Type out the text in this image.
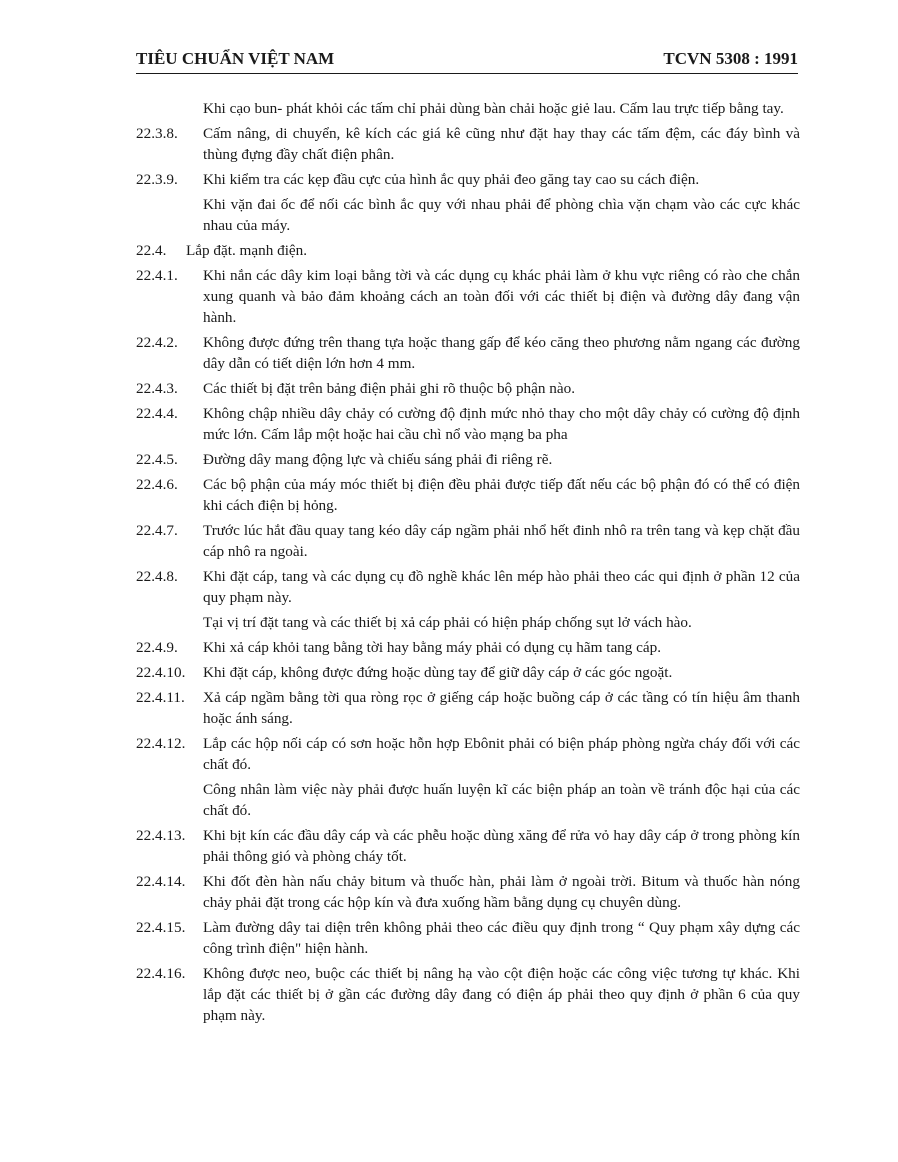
TIÊU CHUẨN VIỆT NAM	TCVN 5308 : 1991
Khi cạo bun- phát khỏi các tấm chỉ phải dùng bàn chải hoặc giẻ lau. Cấm lau trực tiếp bằng tay.
22.3.8.	Cấm nâng, di chuyển, kê kích các giá kê cũng như đặt hay thay các tấm đệm, các đáy bình và thùng đựng đầy chất điện phân.
22.3.9.	Khi kiểm tra các kẹp đầu cực của hình ắc quy phải đeo găng tay cao su cách điện.
Khi vặn đai ốc để nối các bình ắc quy với nhau phải để phòng chìa vặn chạm vào các cực khác nhau của máy.
22.4.	Lắp đặt. mạnh điện.
22.4.1.	Khi nắn các dây kim loại bằng tời và các dụng cụ khác phải làm ở khu vực riêng có rào che chắn xung quanh và bảo đảm khoảng cách an toàn đối với các thiết bị điện và đường dây đang vận hành.
22.4.2.	Không được đứng trên thang tựa hoặc thang gấp để kéo căng theo phương nằm ngang các đường dây dẫn có tiết diện lớn hơn 4 mm.
22.4.3.	Các thiết bị đặt trên bảng điện phải ghi rõ thuộc bộ phận nào.
22.4.4.	Không chập nhiều dây chảy có cường độ định mức nhỏ thay cho một dây chảy có cường độ định mức lớn. Cấm lắp một hoặc hai cầu chì nổ vào mạng ba pha
22.4.5.	Đường dây mang động lực và chiếu sáng phải đi riêng rẽ.
22.4.6.	Các bộ phận của máy móc thiết bị điện đều phải được tiếp đất nếu các bộ phận đó có thể có điện khi cách điện bị hỏng.
22.4.7.	Trước lúc hắt đầu quay tang kéo dây cáp ngầm phải nhổ hết đinh nhô ra trên tang và kẹp chặt đầu cáp nhô ra ngoài.
22.4.8.	Khi đặt cáp, tang và các dụng cụ đồ nghề khác lên mép hào phải theo các qui định ở phần 12 của quy phạm này.
Tại vị trí đặt tang và các thiết bị xả cáp phải có hiện pháp chống sụt lở vách hào.
22.4.9.	Khi xả cáp khỏi tang bằng tời hay bằng máy phải có dụng cụ hãm tang cáp.
22.4.10.	Khi đặt cáp, không được đứng hoặc dùng tay để giữ dây cáp ở các góc ngoặt.
22.4.11.	Xả cáp ngầm bằng tời qua ròng rọc ở giếng cáp hoặc buồng cáp ở các tầng có tín hiệu âm thanh hoặc ánh sáng.
22.4.12.	Lắp các hộp nối cáp có sơn hoặc hỗn hợp Ebônit phải có biện pháp phòng ngừa cháy đối với các chất đó.
Công nhân làm việc này phải được huấn luyện kĩ các biện pháp an toàn về tránh độc hại của các chất đó.
22.4.13.	Khi bịt kín các đầu dây cáp và các phễu hoặc dùng xăng để rửa vỏ hay dây cáp ở trong phòng kín phải thông gió và phòng cháy tốt.
22.4.14.	Khi đốt đèn hàn nấu chảy bitum và thuốc hàn, phải làm ở ngoài trời. Bitum và thuốc hàn nóng chảy phải đặt trong các hộp kín và đưa xuống hầm bằng dụng cụ chuyên dùng.
22.4.15.	Làm đường dây tai diện trên không phải theo các điều quy định trong “ Quy phạm xây dựng các công trình điện" hiện hành.
22.4.16.	Không được neo, buộc các thiết bị nâng hạ vào cột điện hoặc các công việc tương tự khác. Khi lắp đặt các thiết bị ở gần các đường dây đang có điện áp phải theo quy định ở phần 6 của quy phạm này.
